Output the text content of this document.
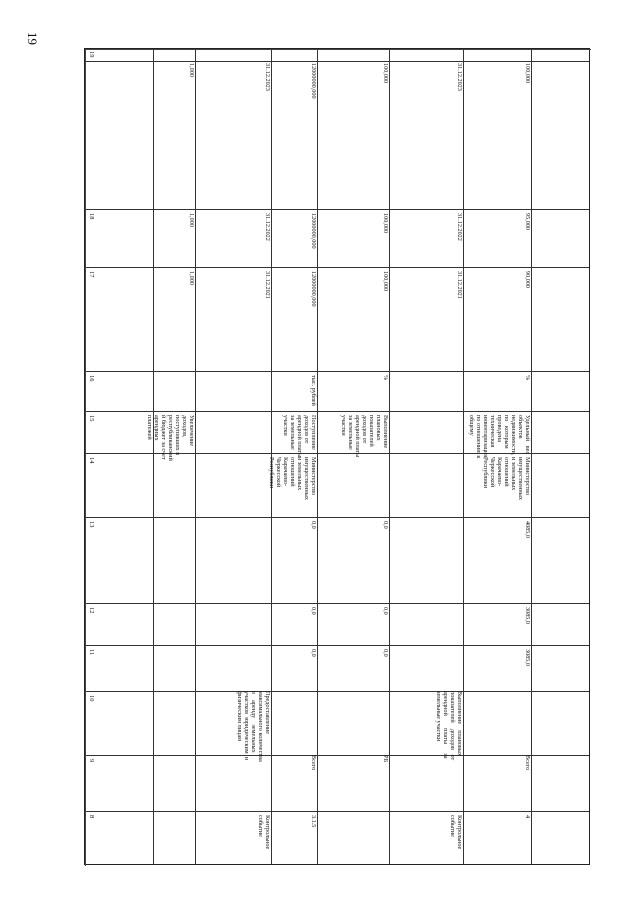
19
19
18
17
16
15
14
13
12
11
10
9
8
1,000
1,000
1,000
Увеличение
доходов,
поступивших в
республиканский
й бюджет за счет
арендных
платежей
31.12.2023
31.12.2022
31.12.2021
Предоставление
максимального количества
в    аренду    земельных
участков  юридическим  и
физическим лицам
12000000,000
12000000,000
12000000,000
тыс. рублей
Поступление
доходов от
арендной платы
за земельные
участки
Министерство
имущественных
и земельных
отношений
Карачаево-
Черкесской
Республики
0,0
0,0
0,0
100,000
100,000
100,000
%
Выполнение
плановых
показателей
доходов от
арендной платы
за земельные
участки
0,0
0,0
0,0
31.12.2023
31.12.2022
31.12.2021
100,000
95,000
90,000
%
Удельный   вес
объектов
недвижимости,
по   которым
проведена
техническая
инвентаризация,
по отношению к
общему
Министерство
имущественных
и земельных
отношений
Карачаево-
Черкесской
Республики
4085,0
3085,0
3085,0
Всего
3.1.5
РБ	Всего
4
Контрольное
событие	Контрольное
событие
Выполнение    плановых
показателей    доходов   от
арендной        платы      за
земельные участки
